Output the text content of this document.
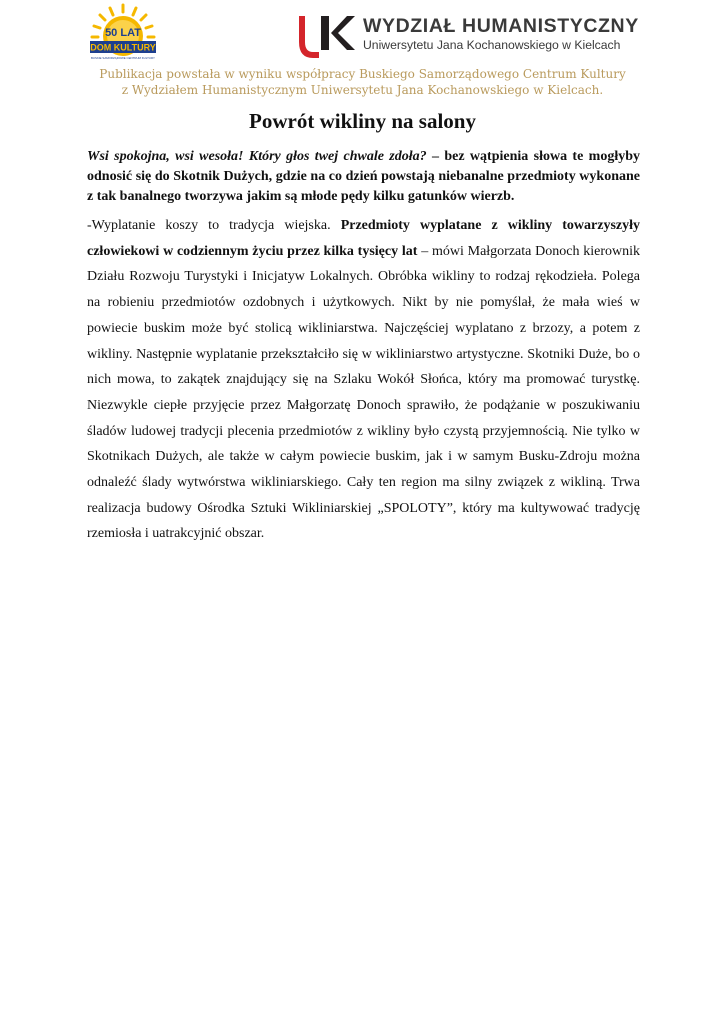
50 LAT
DOM KULTURY
BUSKIE SAMORZĄDOWE CENTRUM KULTURY
WYDZIAŁ HUMANISTYCZNY
Uniwersytetu Jana Kochanowskiego w Kielcach
Publikacja powstała w wyniku współpracy Buskiego Samorządowego Centrum Kultury
z Wydziałem Humanistycznym Uniwersytetu Jana Kochanowskiego w Kielcach.
Powrót wikliny na salony
Wsi spokojna, wsi wesoła! Który głos twej chwale zdoła? – bez wątpienia słowa te mogłyby odnosić się do Skotnik Dużych, gdzie na co dzień powstają niebanalne przedmioty wykonane z tak banalnego tworzywa jakim są młode pędy kilku gatunków wierzb.
-Wyplatanie koszy to tradycja wiejska. Przedmioty wyplatane z wikliny towarzyszyły człowiekowi w codziennym życiu przez kilka tysięcy lat – mówi Małgorzata Donoch kierownik Działu Rozwoju Turystyki i Inicjatyw Lokalnych. Obróbka wikliny to rodzaj rękodzieła. Polega na robieniu przedmiotów ozdobnych i użytkowych. Nikt by nie pomyślał, że mała wieś w powiecie buskim może być stolicą wikliniarstwa. Najczęściej wyplatano z brzozy, a potem z wikliny. Następnie wyplatanie przekształciło się w wikliniarstwo artystyczne. Skotniki Duże, bo o nich mowa, to zakątek znajdujący się na Szlaku Wokół Słońca, który ma promować turystkę. Niezwykle ciepłe przyjęcie przez Małgorzatę Donoch sprawiło, że podążanie w poszukiwaniu śladów ludowej tradycji plecenia przedmiotów z wikliny było czystą przyjemnością. Nie tylko w Skotnikach Dużych, ale także w całym powiecie buskim, jak i w samym Busku-Zdroju można odnaleźć ślady wytwórstwa wikliniarskiego. Cały ten region ma silny związek z wikliną. Trwa realizacja budowy Ośrodka Sztuki Wikliniarskiej „SPOLOTY”, który ma kultywować tradycję rzemiosła i uatrakcyjnić obszar.
